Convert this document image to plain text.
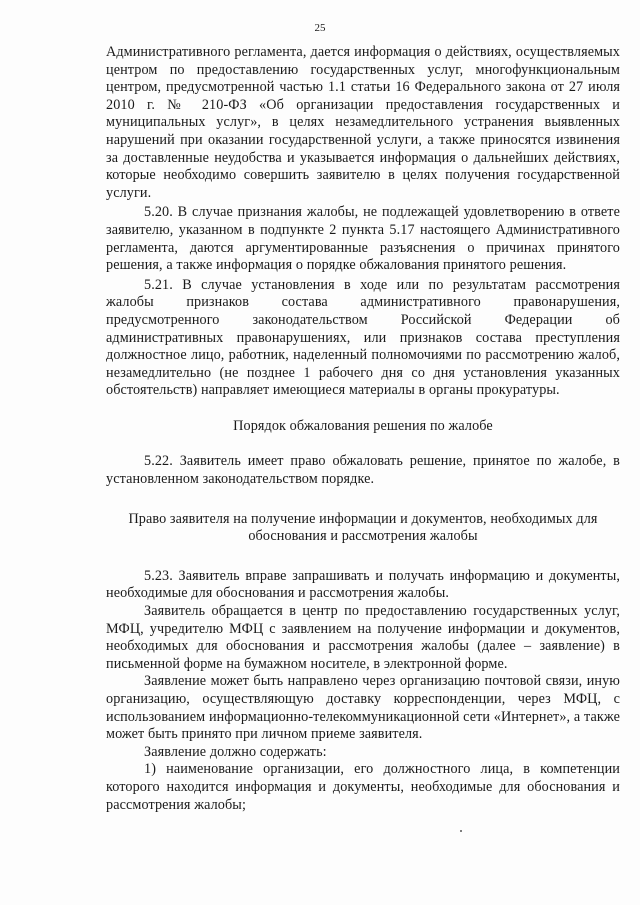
25

Административного регламента, дается информация о действиях, осуществляемых центром по предоставлению государственных услуг, многофункциональным центром, предусмотренной частью 1.1 статьи 16 Федерального закона от 27 июля 2010 г. № 210-ФЗ «Об организации предоставления государственных и муниципальных услуг», в целях незамедлительного устранения выявленных нарушений при оказании государственной услуги, а также приносятся извинения за доставленные неудобства и указывается информация о дальнейших действиях, которые необходимо совершить заявителю в целях получения государственной услуги.

5.20. В случае признания жалобы, не подлежащей удовлетворению в ответе заявителю, указанном в подпункте 2 пункта 5.17 настоящего Административного регламента, даются аргументированные разъяснения о причинах принятого решения, а также информация о порядке обжалования принятого решения.

5.21. В случае установления в ходе или по результатам рассмотрения жалобы признаков состава административного правонарушения, предусмотренного законодательством Российской Федерации об административных правонарушениях, или признаков состава преступления должностное лицо, работник, наделенный полномочиями по рассмотрению жалоб, незамедлительно (не позднее 1 рабочего дня со дня установления указанных обстоятельств) направляет имеющиеся материалы в органы прокуратуры.

Порядок обжалования решения по жалобе

5.22. Заявитель имеет право обжаловать решение, принятое по жалобе, в установленном законодательством порядке.

Право заявителя на получение информации и документов, необходимых для обоснования и рассмотрения жалобы

5.23. Заявитель вправе запрашивать и получать информацию и документы, необходимые для обоснования и рассмотрения жалобы.

Заявитель обращается в центр по предоставлению государственных услуг, МФЦ, учредителю МФЦ с заявлением на получение информации и документов, необходимых для обоснования и рассмотрения жалобы (далее – заявление) в письменной форме на бумажном носителе, в электронной форме.

Заявление может быть направлено через организацию почтовой связи, иную организацию, осуществляющую доставку корреспонденции, через МФЦ, с использованием информационно-телекоммуникационной сети «Интернет», а также может быть принято при личном приеме заявителя.

Заявление должно содержать:

1) наименование организации, его должностного лица, в компетенции которого находится информация и документы, необходимые для обоснования и рассмотрения жалобы;
